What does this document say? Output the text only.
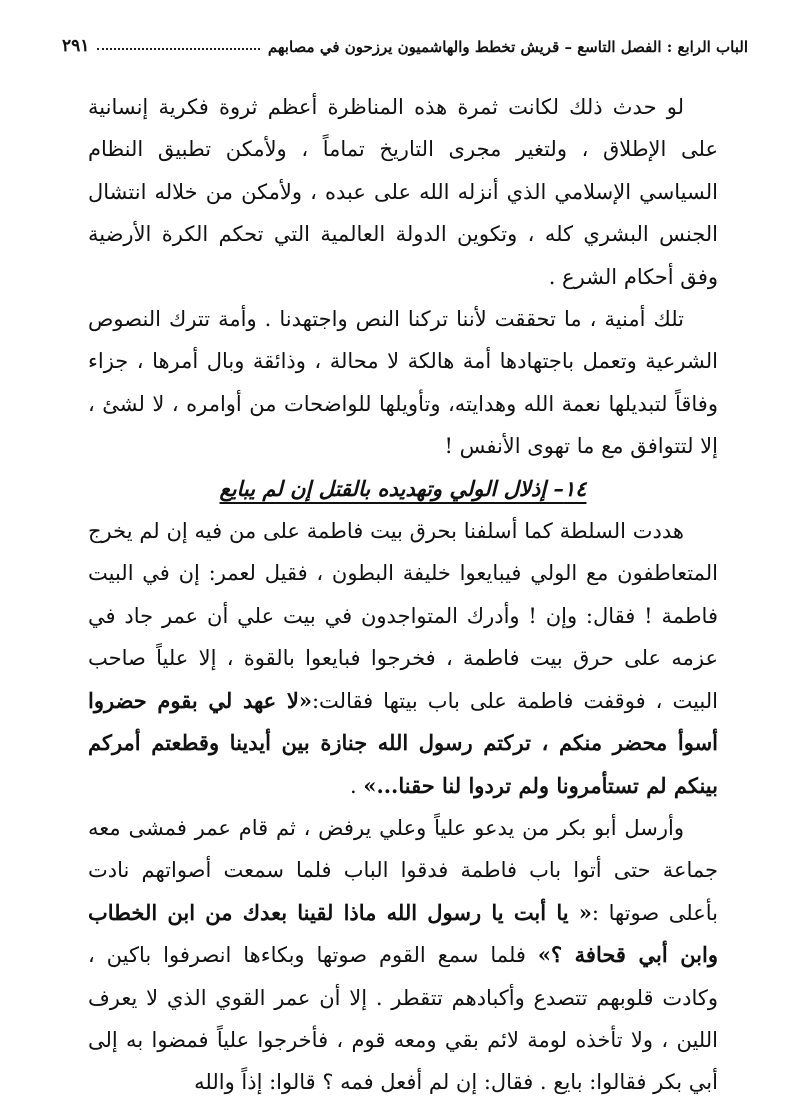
الباب الرابع : الفصل التاسع – قريش تخطط والهاشميون يرزحون في مصابهم
٢٩١

لو حدث ذلك لكانت ثمرة هذه المناظرة أعظم ثروة فكرية إنسانية على الإطلاق ، ولتغير مجرى التاريخ تماماً ، ولأمكن تطبيق النظام السياسي الإسلامي الذي أنزله الله على عبده ، ولأمكن من خلاله انتشال الجنس البشري كله ، وتكوين الدولة العالمية التي تحكم الكرة الأرضية وفق أحكام الشرع .

تلك أمنية ، ما تحققت لأننا تركنا النص واجتهدنا . وأمة تترك النصوص الشرعية وتعمل باجتهادها أمة هالكة لا محالة ، وذائقة وبال أمرها ، جزاء وفاقاً لتبديلها نعمة الله وهدايته، وتأويلها للواضحات من أوامره ، لا لشئ ، إلا لتتوافق مع ما تهوى الأنفس !

١٤– إذلال الولي وتهديده بالقتل إن لم يبايع

هددت السلطة كما أسلفنا بحرق بيت فاطمة على من فيه إن لم يخرج المتعاطفون مع الولي فيبايعوا خليفة البطون ، فقيل لعمر: إن في البيت فاطمة ! فقال: وإن ! وأدرك المتواجدون في بيت علي أن عمر جاد في عزمه على حرق بيت فاطمة ، فخرجوا فبايعوا بالقوة ، إلا علياً صاحب البيت ، فوقفت فاطمة على باب بيتها فقالت:«لا عهد لي بقوم حضروا أسوأ محضر منكم ، تركتم رسول الله جنازة بين أيدينا وقطعتم أمركم بينكم لم تستأمرونا ولم تردوا لنا حقنا...» .

وأرسل أبو بكر من يدعو علياً وعلي يرفض ، ثم قام عمر فمشى معه جماعة حتى أتوا باب فاطمة فدقوا الباب فلما سمعت أصواتهم نادت بأعلى صوتها :« يا أبت يا رسول الله ماذا لقينا بعدك من ابن الخطاب وابن أبي قحافة ؟» فلما سمع القوم صوتها وبكاءها انصرفوا باكين ، وكادت قلوبهم تتصدع وأكبادهم تتقطر . إلا أن عمر القوي الذي لا يعرف اللين ، ولا تأخذه لومة لائم بقي ومعه قوم ، فأخرجوا علياً فمضوا به إلى أبي بكر فقالوا: بايع . فقال: إن لم أفعل فمه ؟ قالوا: إذاً والله
